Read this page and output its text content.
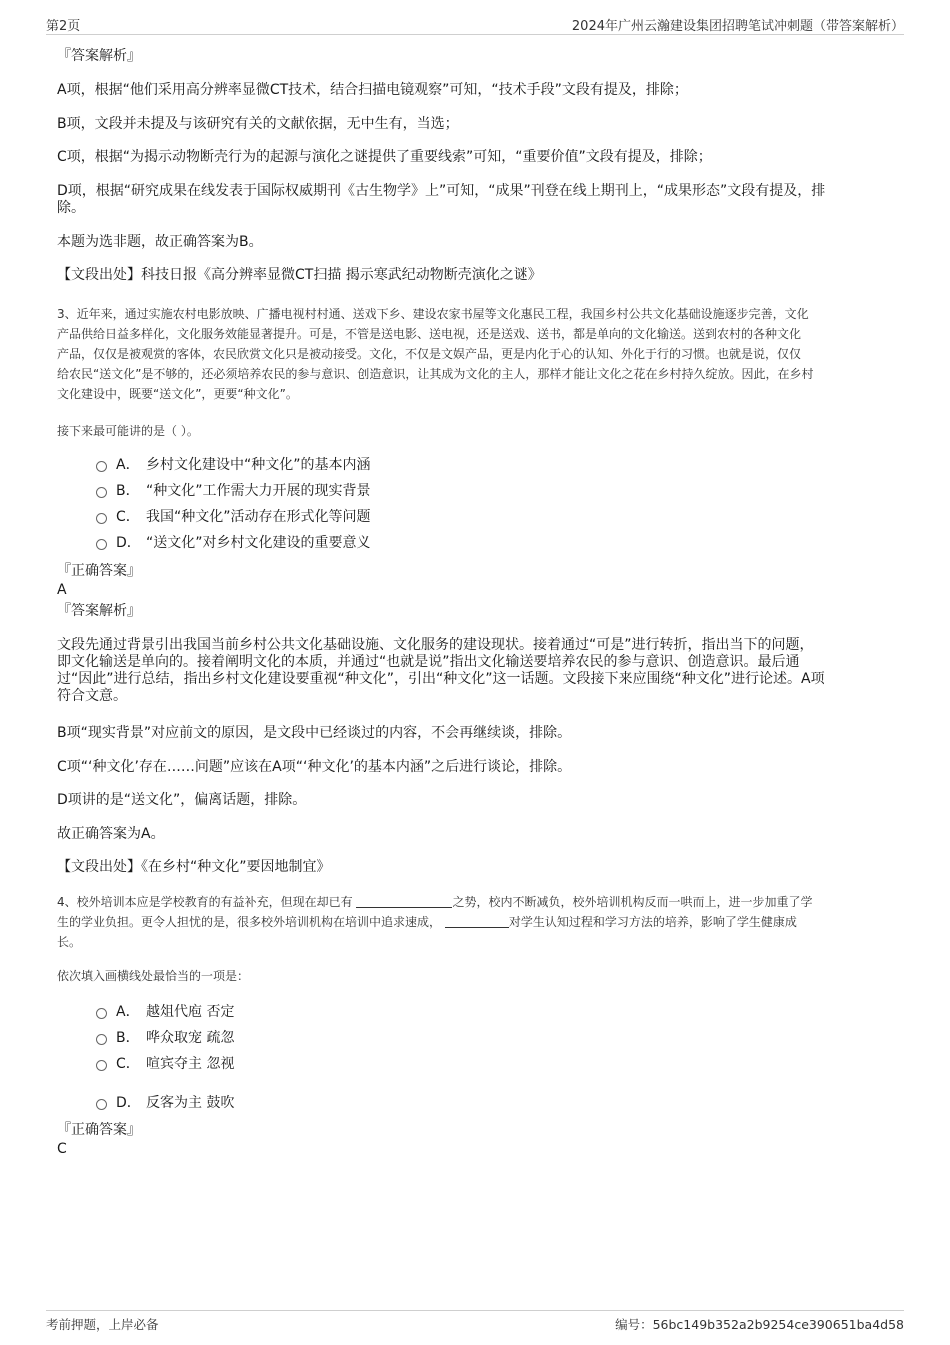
第2页	2024年广州云瀚建设集团招聘笔试冲刺题（带答案解析）
『答案解析』
A项，根据“他们采用高分辨率显微CT技术，结合扫描电镜观察”可知，“技术手段”文段有提及，排除；
B项，文段并未提及与该研究有关的文献依据，无中生有，当选；
C项，根据“为揭示动物断壳行为的起源与演化之谜提供了重要线索”可知，“重要价值”文段有提及，排除；
D项，根据“研究成果在线发表于国际权威期刊《古生物学》上”可知，“成果”刊登在线上期刊上，“成果形态”文段有提及，排
除。
本题为选非题，故正确答案为B。
【文段出处】科技日报《高分辨率显微CT扫描 揭示寒武纪动物断壳演化之谜》
3、近年来，通过实施农村电影放映、广播电视村村通、送戏下乡、建设农家书屋等文化惠民工程，我国乡村公共文化基础设施逐步完善，文化
产品供给日益多样化，文化服务效能显著提升。可是，不管是送电影、送电视，还是送戏、送书，都是单向的文化输送。送到农村的各种文化
产品，仅仅是被观赏的客体，农民欣赏文化只是被动接受。文化，不仅是文娱产品，更是内化于心的认知、外化于行的习惯。也就是说，仅仅
给农民“送文化”是不够的，还必须培养农民的参与意识、创造意识，让其成为文化的主人，那样才能让文化之花在乡村持久绽放。因此，在乡村
文化建设中，既要“送文化”，更要“种文化”。
接下来最可能讲的是（ ）。
A． 乡村文化建设中“种文化”的基本内涵
B． “种文化”工作需大力开展的现实背景
C． 我国“种文化”活动存在形式化等问题
D． “送文化”对乡村文化建设的重要意义
『正确答案』
A
『答案解析』
文段先通过背景引出我国当前乡村公共文化基础设施、文化服务的建设现状。接着通过“可是”进行转折，指出当下的问题，
即文化输送是单向的。接着阐明文化的本质，并通过“也就是说”指出文化输送要培养农民的参与意识、创造意识。最后通
过“因此”进行总结，指出乡村文化建设要重视“种文化”，引出“种文化”这一话题。文段接下来应围绕“种文化”进行论述。A项
符合文意。
B项“现实背景”对应前文的原因，是文段中已经谈过的内容，不会再继续谈，排除。
C项“‘种文化’存在……问题”应该在A项“‘种文化’的基本内涵”之后进行谈论，排除。
D项讲的是“送文化”，偏离话题，排除。
故正确答案为A。
【文段出处】《在乡村“种文化”要因地制宜》
4、校外培训本应是学校教育的有益补充，但现在却已有	之势，校内不断减负，校外培训机构反而一哄而上，进一步加重了学
生的学业负担。更令人担忧的是，很多校外培训机构在培训中追求速成，	对学生认知过程和学习方法的培养，影响了学生健康成
长。
依次填入画横线处最恰当的一项是：
A． 越俎代庖 否定
B． 哗众取宠 疏忽
C． 喧宾夺主 忽视
D． 反客为主 鼓吹
『正确答案』
C
考前押题，上岸必备	编号：56bc149b352a2b9254ce390651ba4d58
